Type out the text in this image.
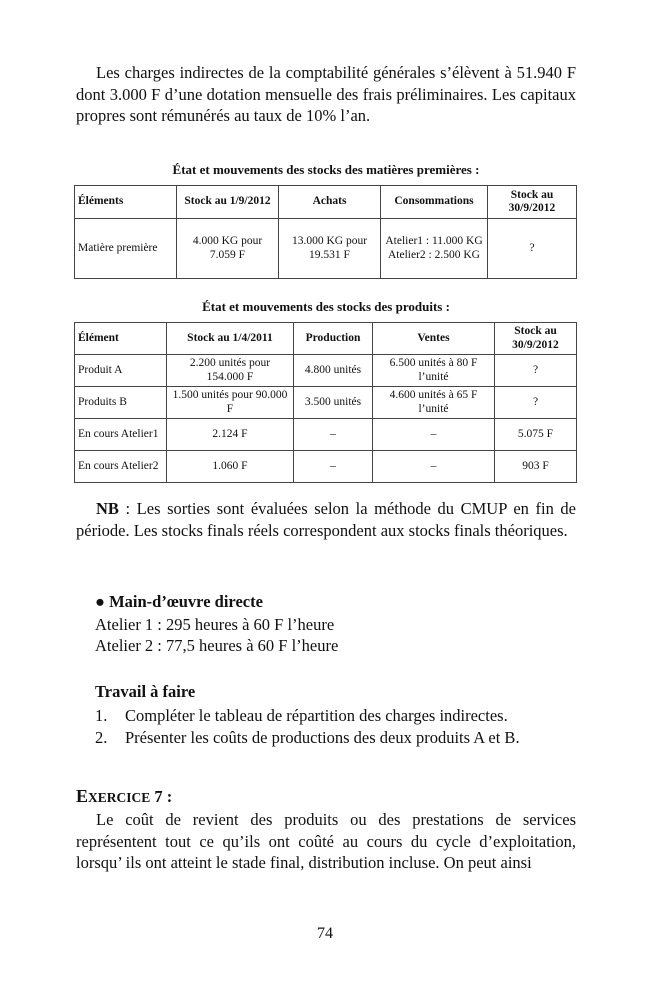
Les charges indirectes de la comptabilité générales s’élèvent à 51.940 F dont 3.000 F d’une dotation mensuelle des frais préliminaires. Les capitaux propres sont rémunérés au taux de 10% l’an.

État et mouvements des stocks des matières premières :
Éléments	Stock au 1/9/2012	Achats	Consommations	Stock au 30/9/2012
Matière première	4.000 KG pour 7.059 F	13.000 KG pour 19.531 F	Atelier1 : 11.000 KG Atelier2 : 2.500 KG	?
État et mouvements des stocks des produits :
Élément	Stock au 1/4/2011	Production	Ventes	Stock au 30/9/2012
Produit A	2.200 unités pour 154.000 F	4.800 unités	6.500 unités à 80 F l’unité	?
Produits B	1.500 unités pour 90.000 F	3.500 unités	4.600 unités à 65 F l’unité	?
En cours Atelier1	2.124 F	–	–	5.075 F
En cours Atelier2	1.060 F	–	–	903 F

NB : Les sorties sont évaluées selon la méthode du CMUP en fin de période. Les stocks finals réels correspondent aux stocks finals théoriques.

● Main-d’œuvre directe
Atelier 1 : 295 heures à 60 F l’heure
Atelier 2 : 77,5 heures à 60 F l’heure
Travail à faire
1. Compléter le tableau de répartition des charges indirectes.
2. Présenter les coûts de productions des deux produits A et B.
EXERCICE 7 :

Le coût de revient des produits ou des prestations de services représentent tout ce qu’ils ont coûté au cours du cycle d’exploitation, lorsqu’ ils ont atteint le stade final, distribution incluse. On peut ainsi

74
